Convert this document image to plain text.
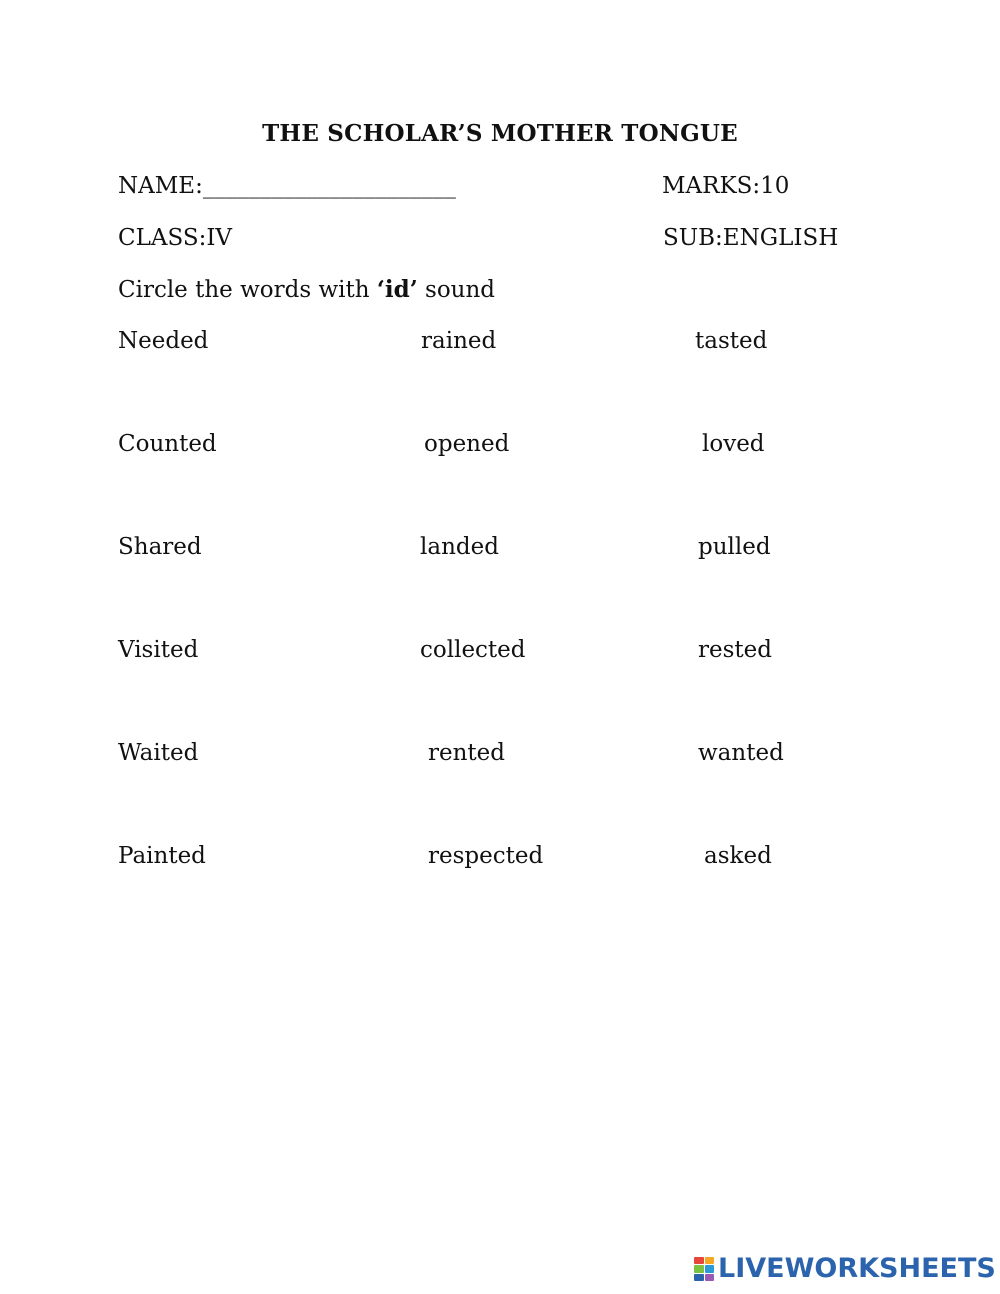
THE SCHOLAR’S MOTHER TONGUE
NAME:______________________	MARKS:10
CLASS:IV	SUB:ENGLISH
Circle the words with ‘id’ sound
Needed	rained	tasted
Counted	opened	loved
Shared	landed	pulled
Visited	collected	rested
Waited	rented	wanted
Painted	respected	asked
LIVEWORKSHEETS
